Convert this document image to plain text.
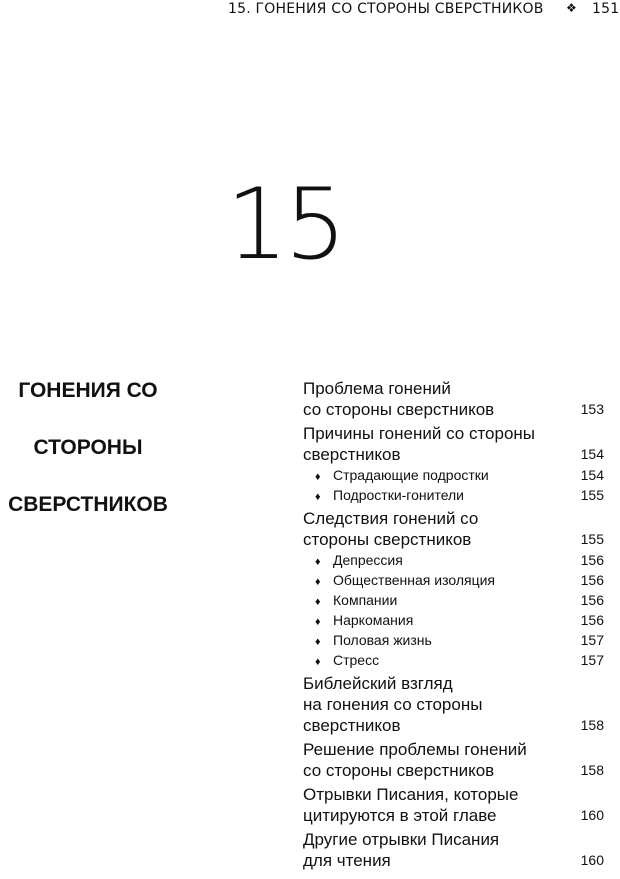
15. ГОНЕНИЯ СО СТОРОНЫ СВЕРСТНИКОВ ❖ 151
15
ГОНЕНИЯ СО
СТОРОНЫ
СВЕРСТНИКОВ
Проблема гонений
со стороны сверстников	153
Причины гонений со стороны
сверстников	154
♦ Страдающие подростки	154
♦ Подростки-гонители	155
Следствия гонений со
стороны сверстников	155
♦ Депрессия	156
♦ Общественная изоляция	156
♦ Компании	156
♦ Наркомания	156
♦ Половая жизнь	157
♦ Стресс	157
Библейский взгляд
на гонения со стороны
сверстников	158
Решение проблемы гонений
со стороны сверстников	158
Отрывки Писания, которые
цитируются в этой главе	160
Другие отрывки Писания
для чтения	160
